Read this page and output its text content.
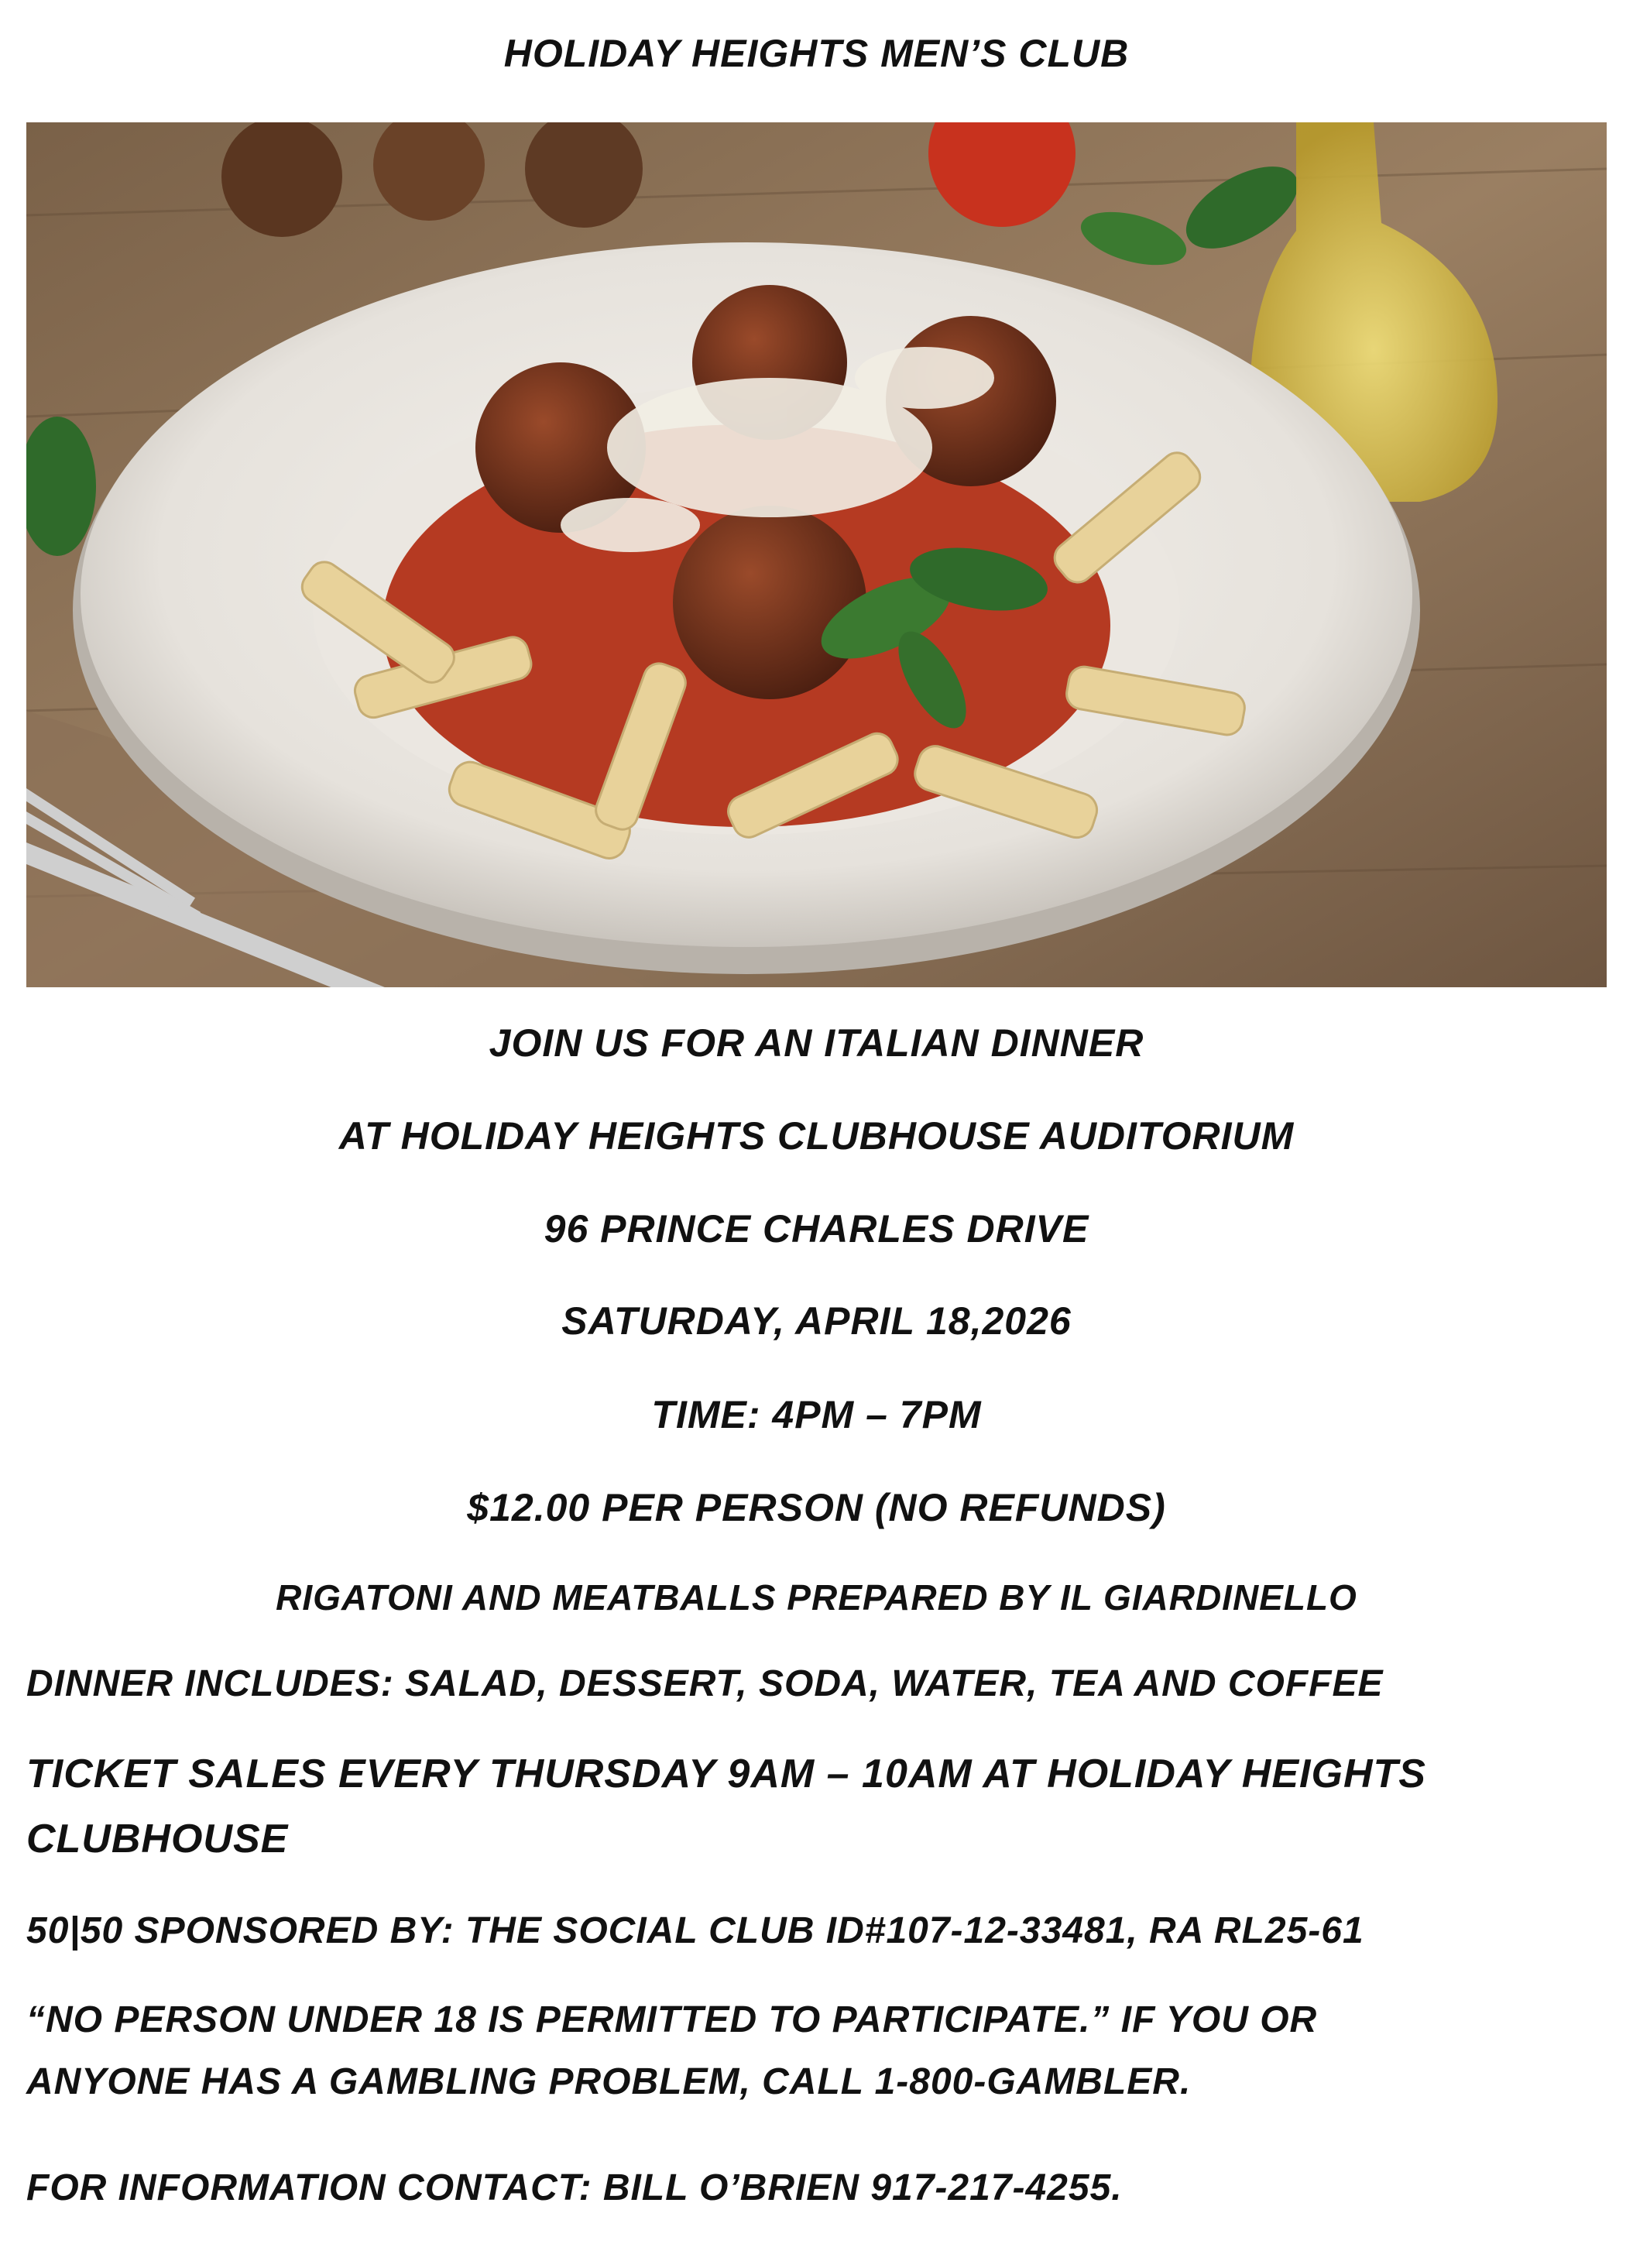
HOLIDAY HEIGHTS MEN’S CLUB
JOIN US FOR AN ITALIAN DINNER
AT HOLIDAY HEIGHTS CLUBHOUSE AUDITORIUM
96 PRINCE CHARLES DRIVE
SATURDAY, APRIL 18,2026
TIME: 4PM – 7PM
$12.00 PER PERSON (NO REFUNDS)
RIGATONI AND MEATBALLS PREPARED BY IL GIARDINELLO
DINNER INCLUDES: SALAD, DESSERT, SODA, WATER, TEA AND COFFEE
TICKET SALES EVERY THURSDAY 9AM – 10AM AT HOLIDAY HEIGHTS CLUBHOUSE
50|50 SPONSORED BY: THE SOCIAL CLUB ID#107-12-33481, RA RL25-61
“NO PERSON UNDER 18 IS PERMITTED TO PARTICIPATE.” IF YOU OR ANYONE HAS A GAMBLING PROBLEM, CALL 1-800-GAMBLER.
FOR INFORMATION CONTACT: BILL O’BRIEN 917-217-4255.
